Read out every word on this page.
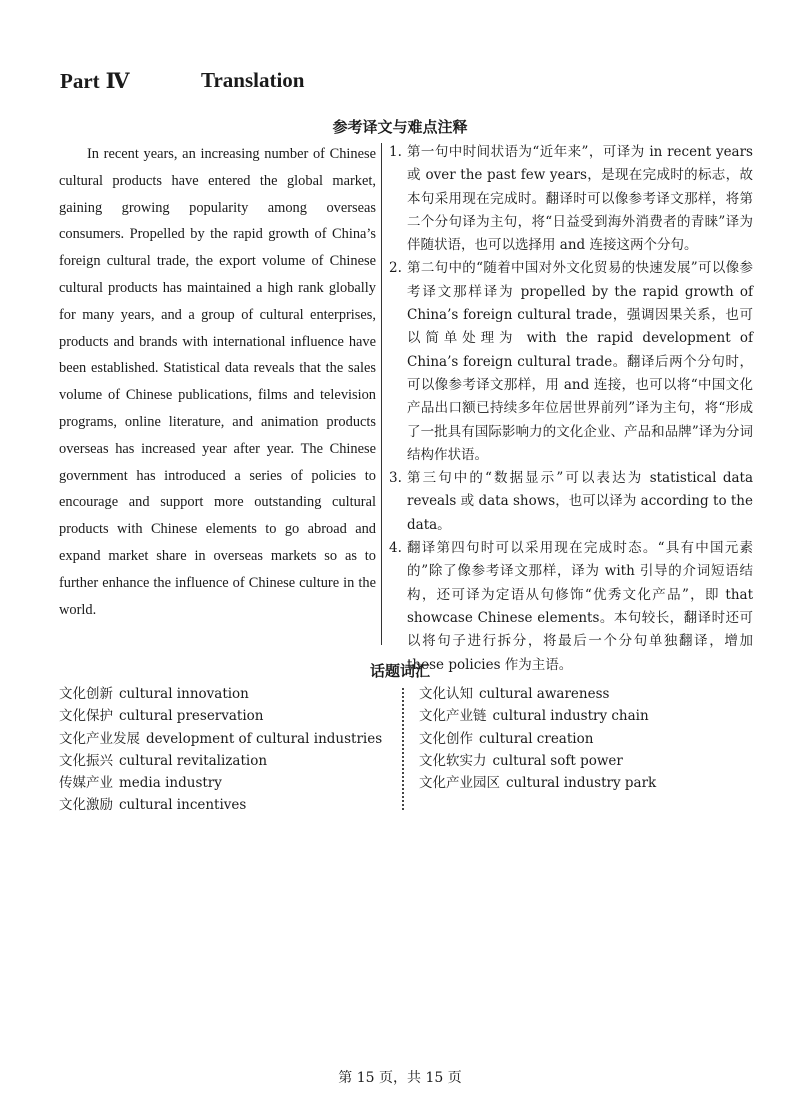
Part Ⅳ	Translation
参考译文与难点注释

In recent years, an increasing number of Chinese cultural products have entered the global market, gaining growing popularity among overseas consumers. Propelled by the rapid growth of China’s foreign cultural trade, the export volume of Chinese cultural products has maintained a high rank globally for many years, and a group of cultural enterprises, products and brands with international influence have been established. Statistical data reveals that the sales volume of Chinese publications, films and television programs, online literature, and animation products overseas has increased year after year. The Chinese government has introduced a series of policies to encourage and support more outstanding cultural products with Chinese elements to go abroad and expand market share in overseas markets so as to further enhance the influence of Chinese culture in the world.

1. 第一句中时间状语为“近年来”，可译为 in recent years 或 over the past few years，是现在完成时的标志，故本句采用现在完成时。翻译时可以像参考译文那样，将第二个分句译为主句，将“日益受到海外消费者的青睐”译为伴随状语，也可以选择用 and 连接这两个分句。
2. 第二句中的“随着中国对外文化贸易的快速发展”可以像参考译文那样译为 propelled by the rapid growth of China’s foreign cultural trade，强调因果关系，也可以简单处理为 with the rapid development of China’s foreign cultural trade。翻译后两个分句时，可以像参考译文那样，用 and 连接，也可以将“中国文化产品出口额已持续多年位居世界前列”译为主句，将“形成了一批具有国际影响力的文化企业、产品和品牌”译为分词结构作状语。
3. 第三句中的“数据显示”可以表达为 statistical data reveals 或 data shows，也可以译为 according to the data。
4. 翻译第四句时可以采用现在完成时态。“具有中国元素的”除了像参考译文那样，译为 with 引导的介词短语结构，还可译为定语从句修饰“优秀文化产品”，即 that showcase Chinese elements。本句较长，翻译时还可以将句子进行拆分，将最后一个分句单独翻译，增加 these policies 作为主语。
话题词汇
文化创新 cultural innovation
文化保护 cultural preservation
文化产业发展 development of cultural industries
文化振兴 cultural revitalization
传媒产业 media industry
文化激励 cultural incentives
文化认知 cultural awareness
文化产业链 cultural industry chain
文化创作 cultural creation
文化软实力 cultural soft power
文化产业园区 cultural industry park
第 15 页，共 15 页
